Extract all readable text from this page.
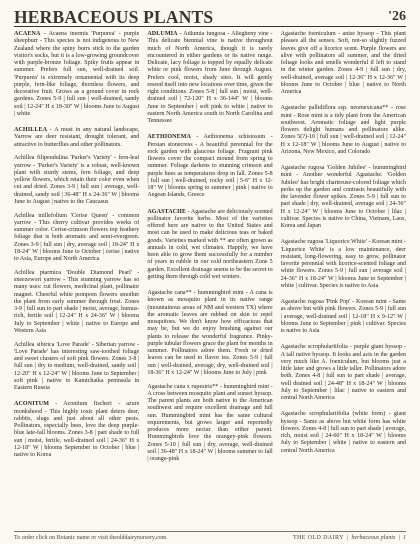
HERBACEOUS PLANTS	'26

ACAENA - Acaena inermis 'Purpurea' - purple sheepburr - This species is not indigenous to New Zealand where the spiny burrs stick to the garden visitor's socks, but it is a low-growing groundcover with purple-bronze foliage. Spiky fruits appear in summer. Prefers full sun, well-drained soil. 'Purpurea' is extremely ornamental with its deep purple, fern-like foliage, thornless flowers, and decorative fruit. Grows as a ground cover in rock gardens. Zones 5-9 | full sun | well-drained, sandy soil | 12-24" H x 18-30" W | blooms June to August | white

ACHILLEA - A must in any natural landscape, Yarrow are deer resistant, drought tolerant, and attractive to butterflies and other pollinators.

Achillea filipendulina 'Parker's Variety' - fern-leaf yarrow - 'Parker's Variety' is a robust, well-known plant with sturdy stems, fern foliage, and deep yellow flowers, which retain their color even when cut and dried. Zones 3-9 | full sun | average, well-drained, sandy soil | 36-48" H x 24-36" W | blooms June to August | native to the Caucasus

Achillea millefolium 'Cerise Queen' - common yarrow - This cherry cultivar provides weeks of summer color. Cerise-crimson flowers top feathery foliage that is both aromatic and semi-evergreen. Zones 3-9 | full sun | dry, average soil | 18-24" H x 18-24" W | blooms June to October | cerise | native to Asia, Europe and North America

Achillea ptarmica 'Double Diamond Pearl' - sneezewort yarrow - This stunning yarrow has so many uses: cut flowers, medicinal plant, pollinator magnet. Cheerful white pompom flowers smother the plant from early summer through frost. Zones 3-9 | full sun to part shade | moist, average, humus-rich, fertile soil | 12-24" H x 24-36" W | blooms July to September | white | native to Europe and Western Asia

Achillea sibirica 'Love Parade' - Siberian yarrow - 'Love Parade' has interesting saw-toothed foliage and sweet clusters of soft pink flowers. Zones 3-8 | full sun | dry to medium, well-drained, sandy soil | 12-20" H x 12-24" W | blooms June to September | soft pink | native to Kamtchatka peninsula in Eastern Russia

ACONITUM - Aconitum fischeri - azure monkshood - This highly toxic plant deters deer, rabbits, slugs and just about all other pests. Pollinators, especially bees, love the deep purple-blue late-fall blooms. Zones 3-8 | part shade to full sun | moist, fertile, well-drained soil | 24-36" H x 12-18" W | blooms September to October | blue | native to Korea

ADLUMIA - Adlumia fungosa - Allegheny vine - This delicate biennial vine is native throughout much of North America, though it is rarely encountered in either gardens or its native range. Delicate, lacy foliage is topped by equally delicate white or pink flowers from June through August. Prefers cool, moist, shady sites. It will gently reseed itself into new locations over time, given the right conditions. Zones 5-8 | full sun | moist, well-drained soil | 72-120" H x 36-144" W | blooms June to September | soft pink to white | native to eastern North America south to North Carolina and Tennessee

AETHIONEMA - Aethionema schistosum - Persian stonecress - A beautiful perennial for the rock garden with glaucous foliage. Fragrant pink flowers cover the compact mound from spring to summer. Foliage darkens to stunning crimson and purple hues as temperatures drop in fall. Zones 5-8 | full sun | well-drained, rocky soil | 5-6" H x 12-18" W | blooms spring to summer | pink | native to Aegean Islands, Greece

AGASTACHE - Agastache are deliciously scented pollinator favorite herbs. Most of the varieties offered here are native to the United States and most can be used to make delicious teas or baked goods. Varieties marked with ** are often grown as annuals in cold, wet climates. Happily, we have been able to grow them successfully for a number of years in rubble in our cold northeastern Zone 5 garden. Excellent drainage seems to be the secret to getting them through cold wet winters.

Agastache cana** - hummingbird mint - A cana is known as mosquito plant in its native range (mountainous areas of NM and western TX) where the aromatic leaves are rubbed on skin to repel mosquitoes. We don't know how efficacious that may be, but we do enjoy brushing against our plants to release the wonderful fragrance. Pinky-purple tubular flowers grace the plant for months in summer. Pollinators adore them. Fresh or dried leaves can be used to flavor tea. Zones 5-9 | full sun | well-drained, average, dry, well-drained soil | 18-36" H x 12-24" W | blooms June to July | pink

Agastache cana x rupestris** - hummingbird mint - A cross between mosquito plant and sunset hyssop. The parent plants are both native to the American southwest and require excellent drainage and full sun. Hummingbird mint has the same cultural requirements, but grows larger and reportedly produces more nectar than either parent. Hummingbirds love the orangey-pink flowers. Zones 5-10 | full sun | dry, average, well-drained soil | 36-48" H x 18-24" W | blooms summer to fall | orange-pink

Agastache foeniculum - anise hyssop - This plant pleases all the senses. Soft, not-so slightly fuzzed leaves give off a licorice scent. Purple flowers are alive with pollinators all summer, and the dried foliage looks and smells wonderful if left to stand in the winter garden. Zones 4-9 | full sun | dry, well-drained, average soil | 12-36" H x 12-36" W | blooms June to October | blue | native to North America

Agastache pallidiflora ssp. neomexicana** - rose mint - Rose mint is a tidy plant from the American southwest. Aromatic foliage and light purple flowers delight humans and pollinators alike. Zones 5(?)-10 | full sun | well-drained soil | 12-24" H x 12-18" W | blooms June to August | native to Arizona, New Mexico, and Colorado

Agastache rugosa 'Golden Jubilee' - hummingbird mint - Another wonderful Agastache. 'Golden Jubilee' has bright chartreuse-colored foliage which perks up the garden and contrasts beautifully with the lavender flower spikes. Zones 5-9 | full sun to part shade | dry, well-drained, average soil | 24-36" H x 12-24" W | blooms June to October | lilac | cultivar. Species is native to China, Vietnam, Laos, Korea and Japan

Agastache rugosa 'Liquorice White' - Korean mint - 'Liquorice White' is a low maintenance, deer resistant, long-flowering, easy to grow, pollinator favorite perennial with licorice-scented foliage and white flowers. Zones 5-9 | full sun | average soil | 24-36" H x 18-24" W | blooms June to September | white | cultivar. Species is native to Asia

Agastache rugosa 'Pink Pop' - Korean mint - Same as above but with pink flowers. Zones 5-9 | full sun | average, well-drained soil | 12-18" H x 9-12" W | blooms June to September | pink | cultivar. Species is native to Asia

Agastache scrophulariifolia - purple giant hyssop - A tall native hyssop. It looks and acts in the garden very much like A. foeniculum, but blooms just a little later and grows a little taller. Pollinators adore both. Zones 4-8 | full sun to part shade | average, well drained soil | 24-48" H x 18-24" W | blooms July to September | lilac | native to eastern and central North America

Agastache scrophulariifolia (white form) - giant hyssop - Same as above but white form has white flowers. Zones 4-8 | full sun to part shade | average, rich, moist soil | 24-60" H x 18-24" W | blooms July to September | white | native to eastern and central North America

To order click on Botanic name or visit theolddairynursery.com	THE OLD DAIRY | herbaceous plants | 1
